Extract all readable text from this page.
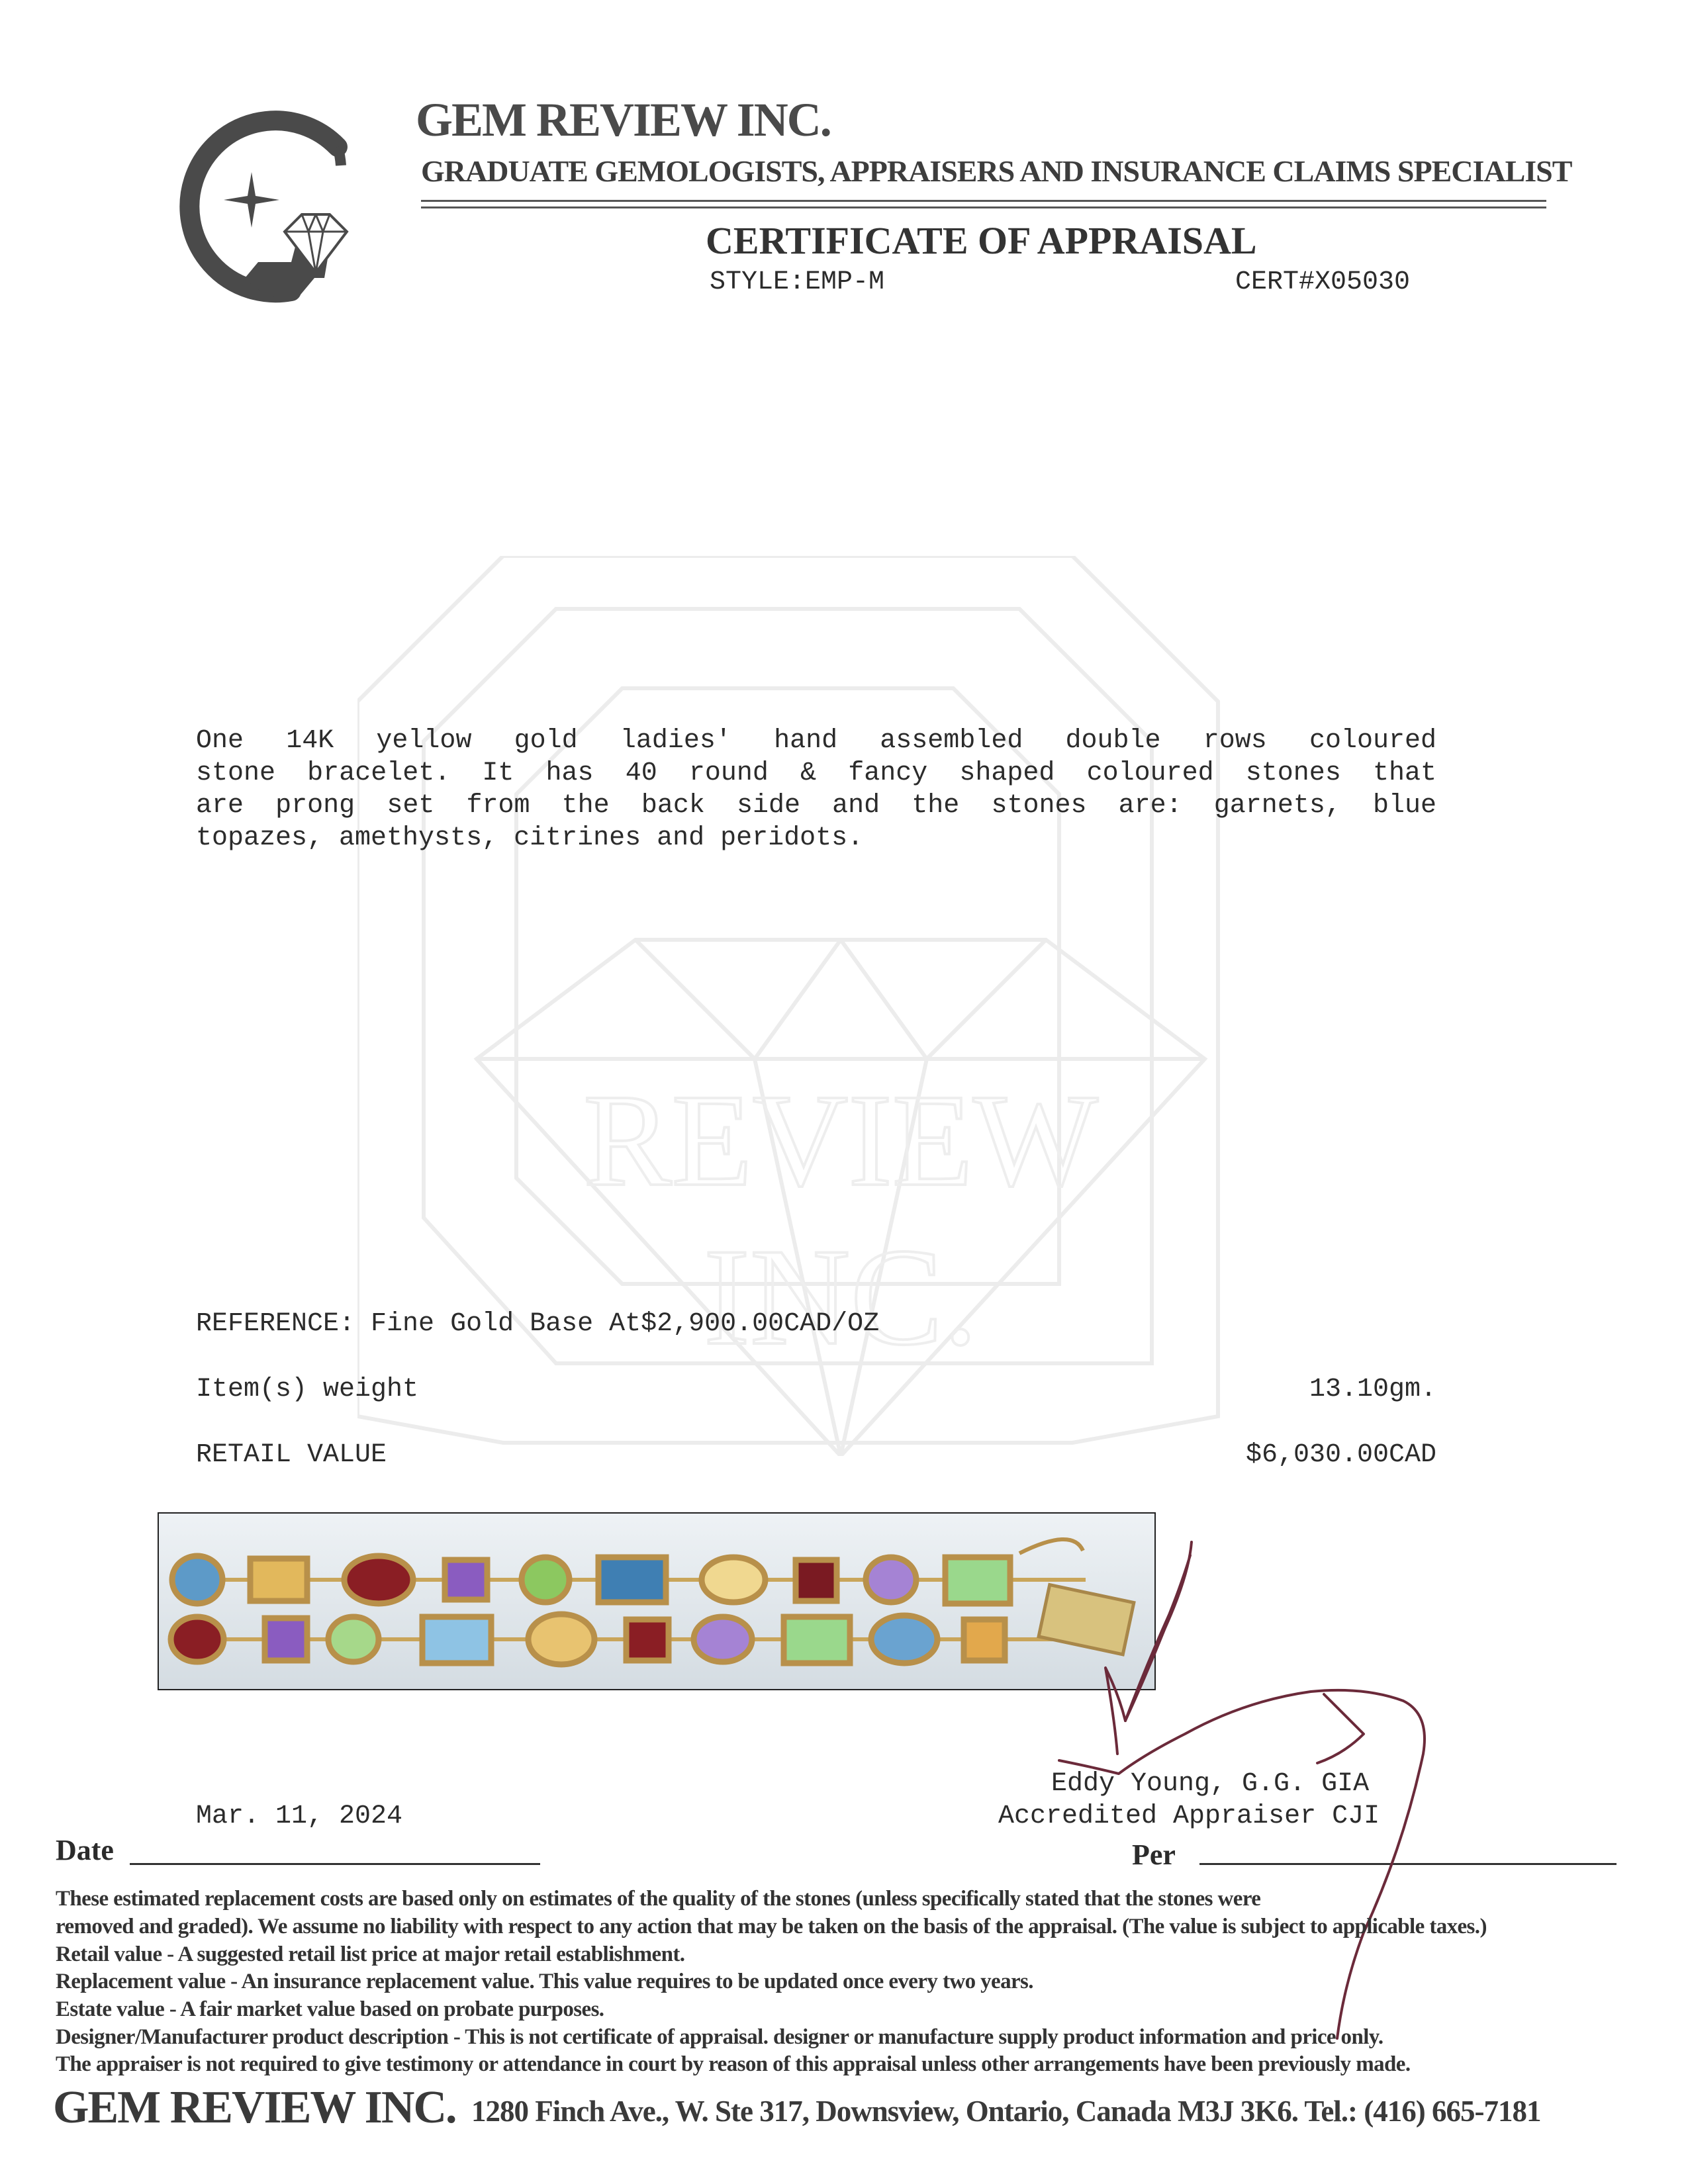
GEM REVIEW INC.
GRADUATE GEMOLOGISTS, APPRAISERS AND INSURANCE CLAIMS SPECIALIST
CERTIFICATE OF APPRAISAL
STYLE:EMP-M	CERT#X05030
REVIEW
INC.
One 14K yellow gold ladies' hand assembled double rows coloured
stone bracelet. It has 40 round & fancy shaped coloured stones that
are prong set from the back side and the stones are: garnets, blue
topazes, amethysts, citrines and peridots.
REFERENCE: Fine Gold Base At$2,900.00CAD/OZ
Item(s) weight	13.10gm.
RETAIL VALUE	$6,030.00CAD
Eddy Young, G.G. GIA
Accredited Appraiser CJI
Mar. 11, 2024
Date	Per
These estimated replacement costs are based only on estimates of the quality of the stones (unless specifically stated that the stones were
removed and graded). We assume no liability with respect to any action that may be taken on the basis of the appraisal. (The value is subject to applicable taxes.)
Retail value - A suggested retail list price at major retail establishment.
Replacement value - An insurance replacement value. This value requires to be updated once every two years.
Estate value - A fair market value based on probate purposes.
Designer/Manufacturer product description - This is not certificate of appraisal. designer or manufacture supply product information and price only.
The appraiser is not required to give testimony or attendance in court by reason of this appraisal unless other arrangements have been previously made.
GEM REVIEW INC. 1280 Finch Ave., W. Ste 317, Downsview, Ontario, Canada M3J 3K6. Tel.: (416) 665-7181
